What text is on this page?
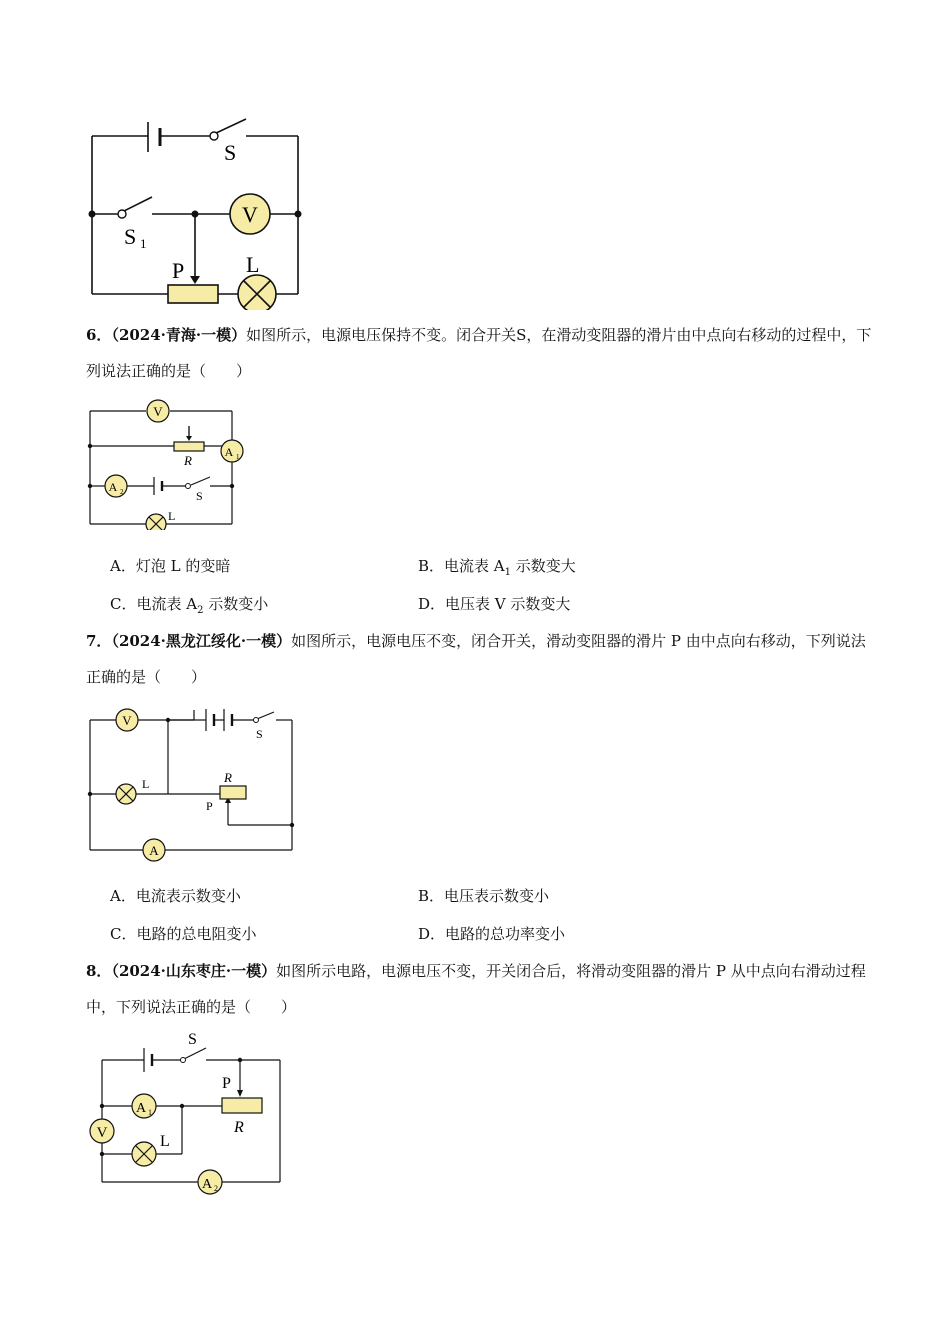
V
S
S 1
P	L
6．（2024·青海·一模）如图所示，电源电压保持不变。闭合开关S，在滑动变阻器的滑片由中点向右移动的过程中，下列说法正确的是（　　）
V
A 1
A 2
R
S
L
A．灯泡 L 的变暗	B．电流表 $A_1$ 示数变大
C．电流表 $A_2$ 示数变小	D．电压表 V 示数变大
7．（2024·黑龙江绥化·一模）如图所示，电源电压不变，闭合开关，滑动变阻器的滑片 P 由中点向右移动，下列说法正确的是（　　）
V
A
S
L	R
P
A．电流表示数变小	B．电压表示数变小
C．电路的总电阻变小	D．电路的总功率变小
8．（2024·山东枣庄·一模）如图所示电路，电源电压不变，开关闭合后，将滑动变阻器的滑片 P 从中点向右滑动过程中，下列说法正确的是（　　）
A 1
V
A 2
S
P
R
L
